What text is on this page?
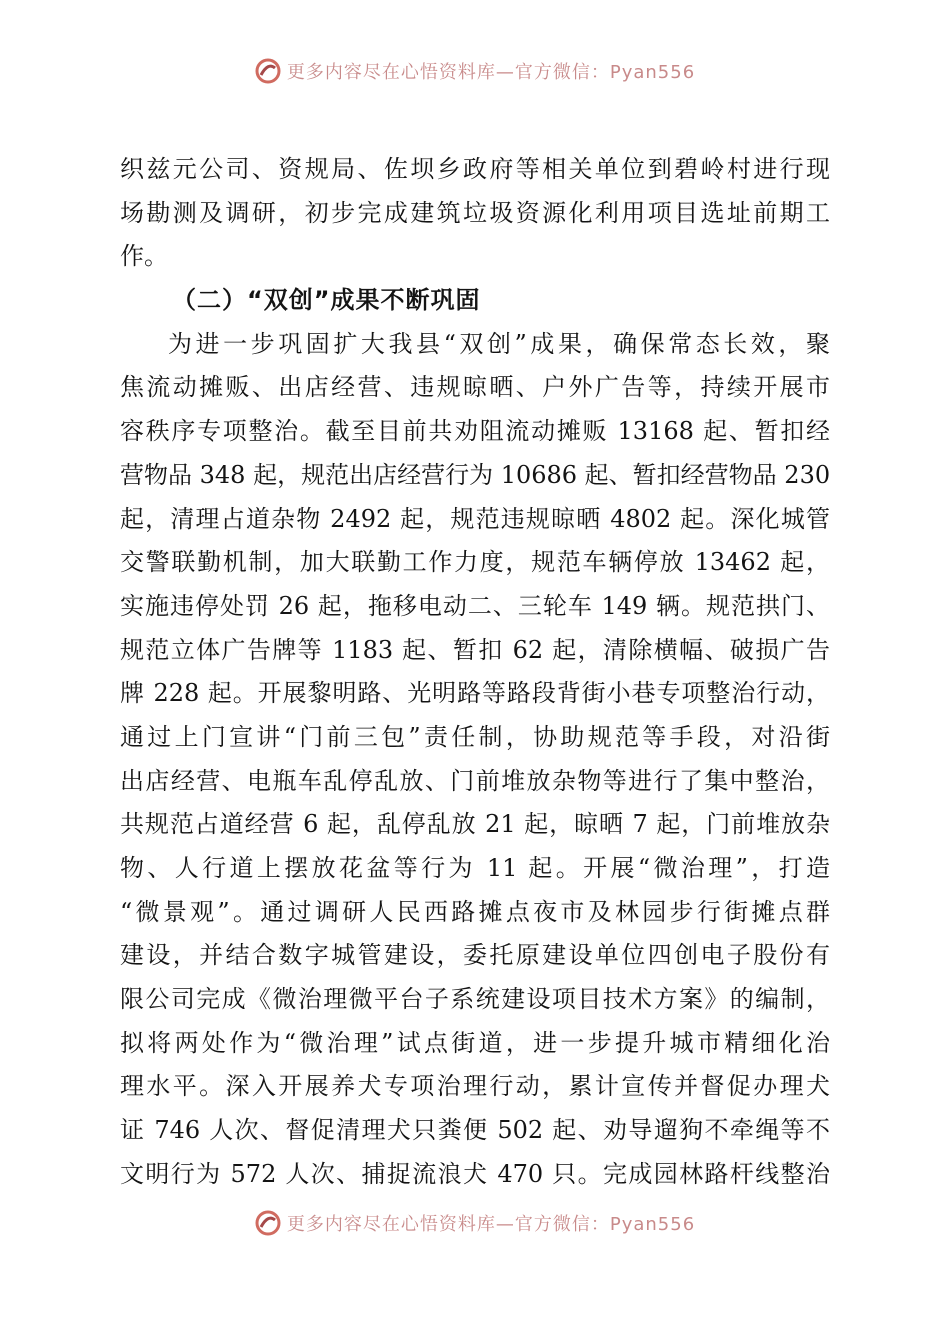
更多内容尽在心悟资料库—官方微信：Pyan556
织兹元公司、资规局、佐坝乡政府等相关单位到碧岭村进行现
场勘测及调研，初步完成建筑垃圾资源化利用项目选址前期工
作。
（二）“双创”成果不断巩固
为进一步巩固扩大我县“双创”成果，确保常态长效，聚
焦流动摊贩、出店经营、违规晾晒、户外广告等，持续开展市
容秩序专项整治。截至目前共劝阻流动摊贩 13168 起、暂扣经
营物品 348 起，规范出店经营行为 10686 起、暂扣经营物品 230
起，清理占道杂物 2492 起，规范违规晾晒 4802 起。深化城管
交警联勤机制，加大联勤工作力度，规范车辆停放 13462 起，
实施违停处罚 26 起，拖移电动二、三轮车 149 辆。规范拱门、
规范立体广告牌等 1183 起、暂扣 62 起，清除横幅、破损广告
牌 228 起。开展黎明路、光明路等路段背街小巷专项整治行动，
通过上门宣讲“门前三包”责任制，协助规范等手段，对沿街
出店经营、电瓶车乱停乱放、门前堆放杂物等进行了集中整治，
共规范占道经营 6 起，乱停乱放 21 起，晾晒 7 起，门前堆放杂
物、人行道上摆放花盆等行为 11 起。开展“微治理”，打造
“微景观”。通过调研人民西路摊点夜市及林园步行街摊点群
建设，并结合数字城管建设，委托原建设单位四创电子股份有
限公司完成《微治理微平台子系统建设项目技术方案》的编制，
拟将两处作为“微治理”试点街道，进一步提升城市精细化治
理水平。深入开展养犬专项治理行动，累计宣传并督促办理犬
证 746 人次、督促清理犬只粪便 502 起、劝导遛狗不牵绳等不
文明行为 572 人次、捕捉流浪犬 470 只。完成园林路杆线整治
更多内容尽在心悟资料库—官方微信：Pyan556
